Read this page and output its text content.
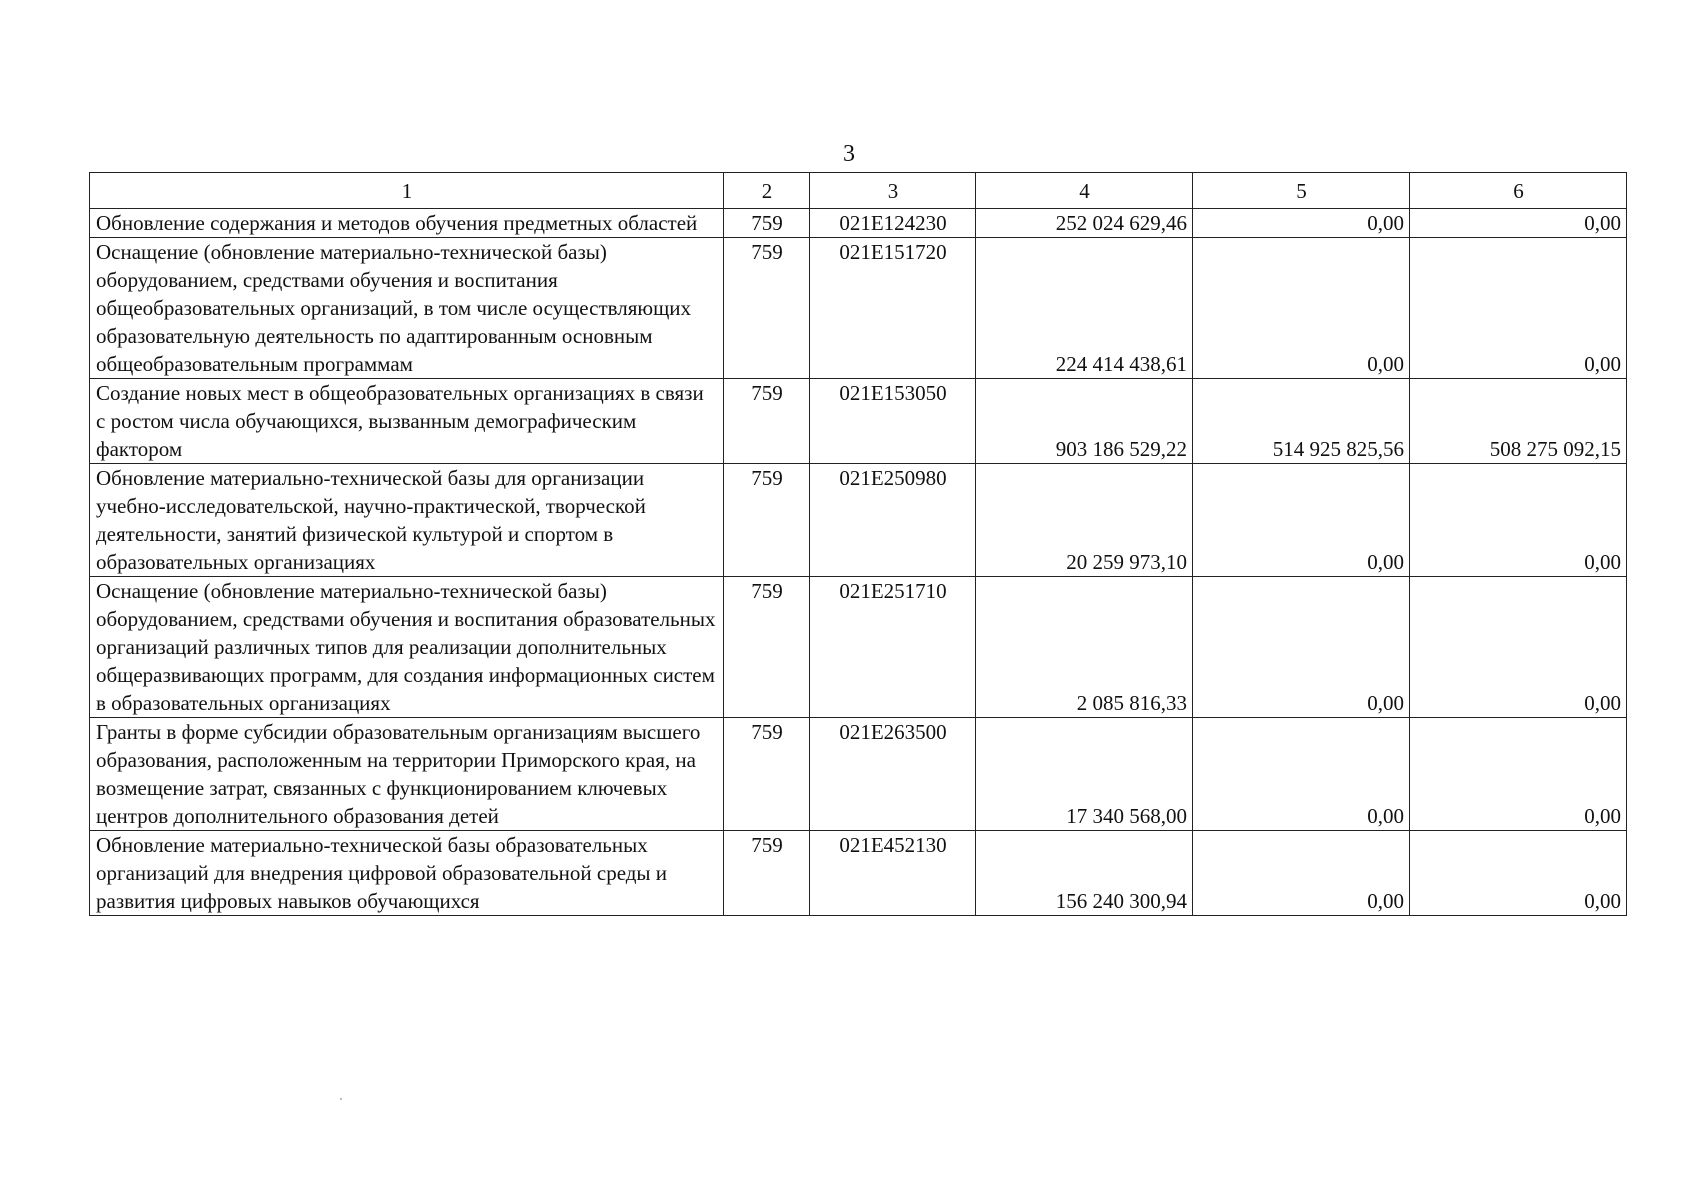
3
1	2	3	4	5	6
Обновление содержания и методов обучения предметных областей	759	021E124230	252 024 629,46	0,00	0,00
Оснащение (обновление материально-технической базы) оборудованием, средствами обучения и воспитания общеобразовательных организаций, в том числе осуществляющих образовательную деятельность по адаптированным основным общеобразовательным программам	759	021E151720	224 414 438,61	0,00	0,00
Создание новых мест в общеобразовательных организациях в связи с ростом числа обучающихся, вызванным демографическим фактором	759	021E153050	903 186 529,22	514 925 825,56	508 275 092,15
Обновление материально-технической базы для организации учебно-исследовательской, научно-практической, творческой деятельности, занятий физической культурой и спортом в образовательных организациях	759	021E250980	20 259 973,10	0,00	0,00
Оснащение (обновление материально-технической базы) оборудованием, средствами обучения и воспитания образовательных организаций различных типов для реализации дополнительных общеразвивающих программ, для создания информационных систем в образовательных организациях	759	021E251710	2 085 816,33	0,00	0,00
Гранты в форме субсидии образовательным организациям высшего образования, расположенным на территории Приморского края, на возмещение затрат, связанных с функционированием ключевых центров дополнительного образования детей	759	021E263500	17 340 568,00	0,00	0,00
Обновление материально-технической базы образовательных организаций для внедрения цифровой образовательной среды и развития цифровых навыков обучающихся	759	021E452130	156 240 300,94	0,00	0,00
